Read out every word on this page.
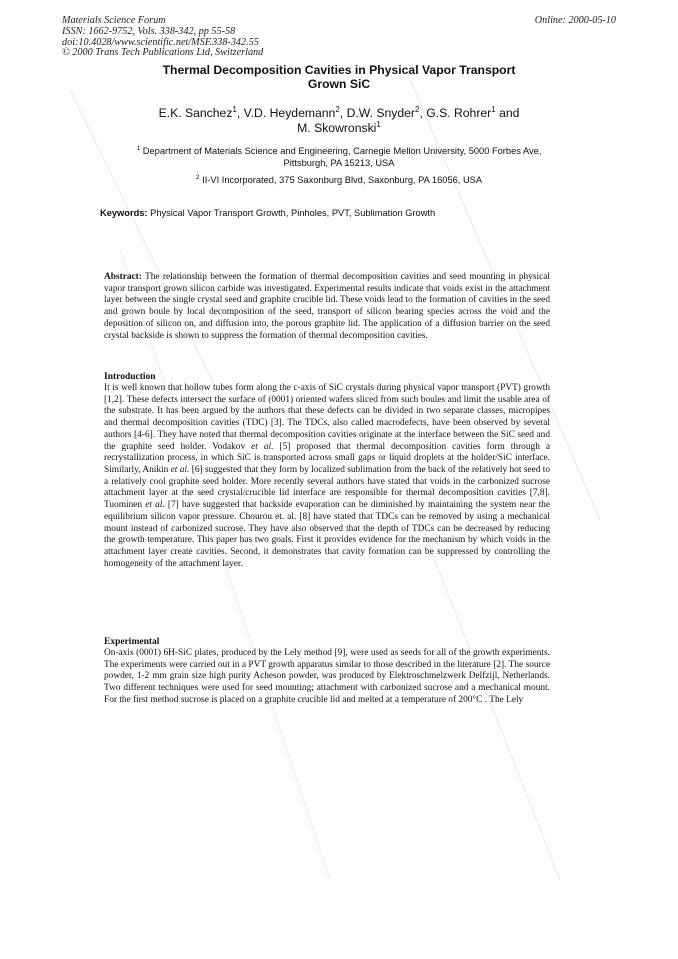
Materials Science Forum
ISSN: 1662-9752, Vols. 338-342, pp 55-58
doi:10.4028/www.scientific.net/MSF.338-342.55
© 2000 Trans Tech Publications Ltd, Switzerland
Online: 2000-05-10
Thermal Decomposition Cavities in Physical Vapor Transport
Grown SiC
E.K. Sanchez$^1$, V.D. Heydemann$^2$, D.W. Snyder$^2$, G.S. Rohrer$^1$ and
M. Skowronski$^1$
$^1$ Department of Materials Science and Engineering, Carnegie Mellon University, 5000 Forbes Ave,
Pittsburgh, PA 15213, USA
$^2$ II-VI Incorporated, 375 Saxonburg Blvd, Saxonburg, PA 16056, USA
Keywords: Physical Vapor Transport Growth, Pinholes, PVT, Sublimation Growth
Abstract: The relationship between the formation of thermal decomposition cavities and seed mounting in physical vapor transport grown silicon carbide was investigated. Experimental results indicate that voids exist in the attachment layer between the single crystal seed and graphite crucible lid. These voids lead to the formation of cavities in the seed and grown boule by local decomposition of the seed, transport of silicon bearing species across the void and the deposition of silicon on, and diffusion into, the porous graphite lid. The application of a diffusion barrier on the seed crystal backside is shown to suppress the formation of thermal decomposition cavities.
Introduction
It is well known that hollow tubes form along the c-axis of SiC crystals during physical vapor transport (PVT) growth [1,2]. These defects intersect the surface of (0001) oriented wafers sliced from such boules and limit the usable area of the substrate. It has been argued by the authors that these defects can be divided in two separate classes, micropipes and thermal decomposition cavities (TDC) [3]. The TDCs, also called macrodefects, have been observed by several authors [4-6]. They have noted that thermal decomposition cavities originate at the interface between the SiC seed and the graphite seed holder. Vodakov et al. [5] proposed that thermal decomposition cavities form through a recrystallization process, in which SiC is transported across small gaps or liquid droplets at the holder/SiC interface. Similarly, Anikin et al. [6] suggested that they form by localized sublimation from the back of the relatively hot seed to a relatively cool graphite seed holder. More recently several authors have stated that voids in the carbonized sucrose attachment layer at the seed crystal/crucible lid interface are responsible for thermal decomposition cavities [7,8]. Tuominen et al. [7] have suggested that backside evaporation can be diminished by maintaining the system near the equilibrium silicon vapor pressure. Chourou et. al. [8] have stated that TDCs can be removed by using a mechanical mount instead of carbonized sucrose. They have also observed that the depth of TDCs can be decreased by reducing the growth temperature. This paper has two goals. First it provides evidence for the mechanism by which voids in the attachment layer create cavities. Second, it demonstrates that cavity formation can be suppressed by controlling the homogeneity of the attachment layer.
Experimental
On-axis (0001) 6H-SiC plates, produced by the Lely method [9], were used as seeds for all of the growth experiments. The experiments were carried out in a PVT growth apparatus similar to those described in the literature [2]. The source powder, 1-2 mm grain size high purity Acheson powder, was produced by Elektroschmelzwerk Delfzijl, Netherlands. Two different techniques were used for seed mounting; attachment with carbonized sucrose and a mechanical mount. For the first method sucrose is placed on a graphite crucible lid and melted at a temperature of 200°C . The Lely
